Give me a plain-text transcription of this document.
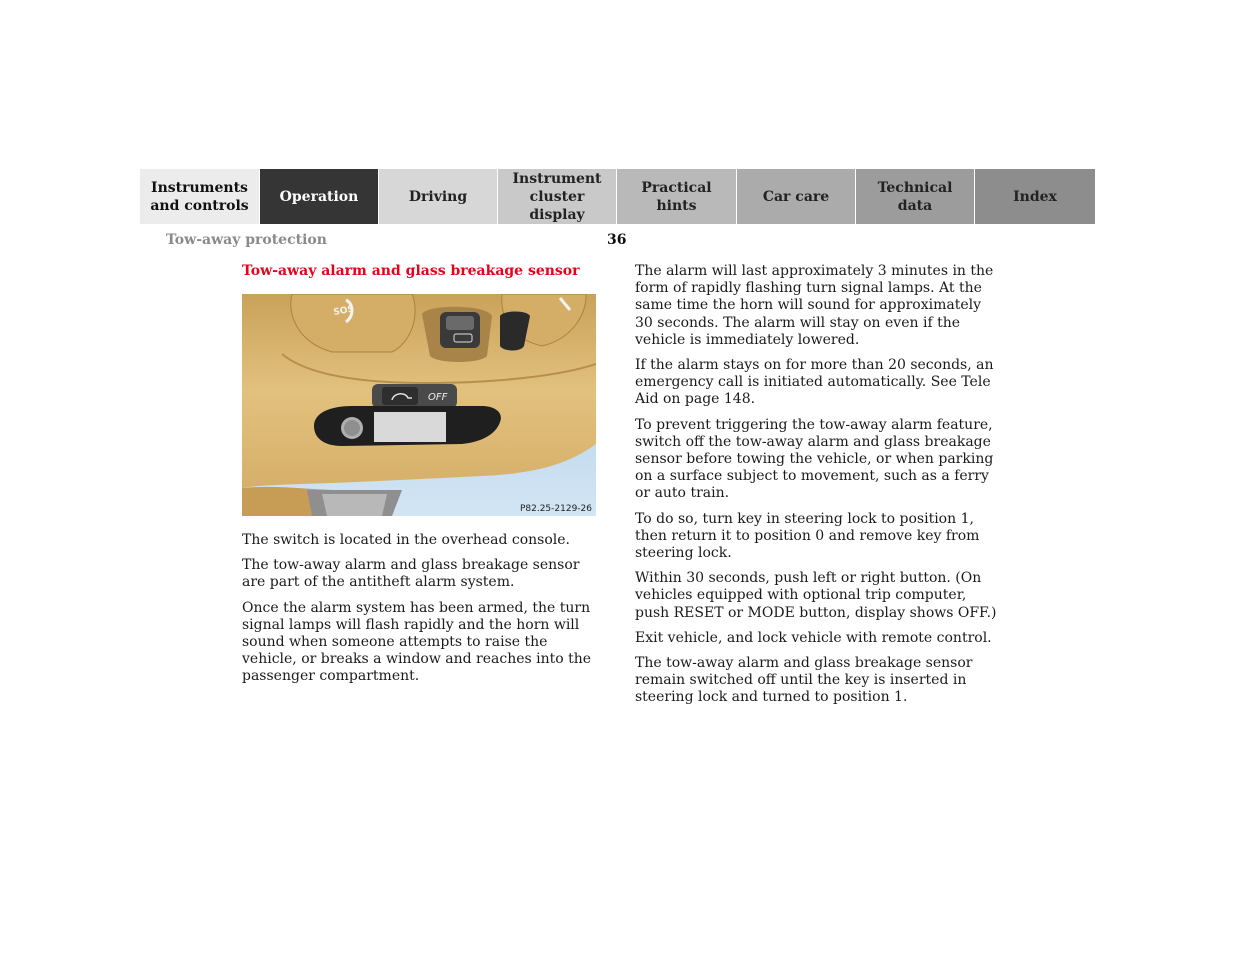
Instruments
and controls
Operation	Driving
Instrument
cluster display
Practical hints
Car care
Technical
data
Index
Tow-away protection	36
Tow-away alarm and glass breakage sensor
OFF
SOS
P82.25-2129-26

The switch is located in the overhead console.

The tow-away alarm and glass breakage sensor are part of the antitheft alarm system.

Once the alarm system has been armed, the turn signal lamps will flash rapidly and the horn will sound when someone attempts to raise the vehicle, or breaks a window and reaches into the passenger compartment.

The alarm will last approximately 3 minutes in the form of rapidly flashing turn signal lamps. At the same time the horn will sound for approximately 30 seconds. The alarm will stay on even if the vehicle is immediately lowered.

If the alarm stays on for more than 20 seconds, an emergency call is initiated automatically. See Tele Aid on page 148.

To prevent triggering the tow-away alarm feature, switch off the tow-away alarm and glass breakage sensor before towing the vehicle, or when parking on a surface subject to movement, such as a ferry or auto train.

To do so, turn key in steering lock to position 1, then return it to position 0 and remove key from steering lock.

Within 30 seconds, push left or right button. (On vehicles equipped with optional trip computer, push RESET or MODE button, display shows OFF.)

Exit vehicle, and lock vehicle with remote control.

The tow-away alarm and glass breakage sensor remain switched off until the key is inserted in steering lock and turned to position 1.
